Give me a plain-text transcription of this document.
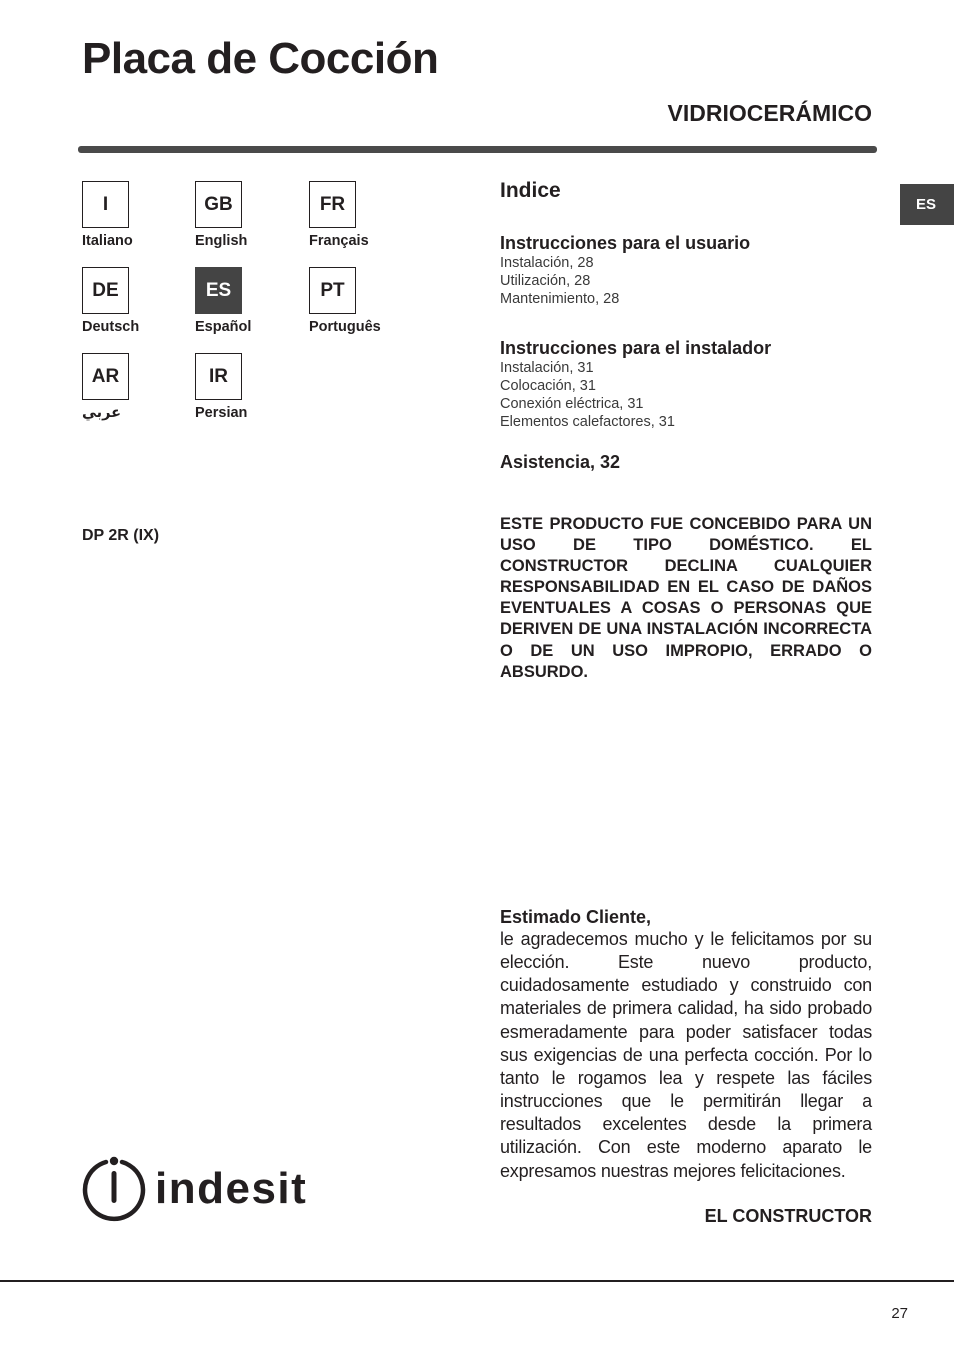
Placa de Cocción
VIDRIOCERÁMICO
ES
I
Italiano
GB
English
FR
Français
DE
Deutsch
ES
Español
PT
Português
AR
عربي
IR
Persian
DP 2R (IX)
Indice
Instrucciones para el usuario
Instalación, 28
Utilización, 28
Mantenimiento, 28
Instrucciones para el instalador
Instalación, 31
Colocación, 31
Conexión eléctrica, 31
Elementos calefactores, 31
Asistencia, 32
ESTE PRODUCTO FUE CONCEBIDO PARA UN USO DE TIPO DOMÉSTICO. EL CONSTRUCTOR DECLINA CUALQUIER RESPONSABILIDAD EN EL CASO DE DAÑOS EVENTUALES A COSAS O PERSONAS QUE DERIVEN DE UNA INSTALACIÓN INCORRECTA O DE UN USO IMPROPIO, ERRADO O ABSURDO.
Estimado Cliente,
le agradecemos mucho y le felicitamos por su elección. Este nuevo producto, cuidadosamente estudiado y construido con materiales de primera calidad, ha sido probado esmeradamente para poder satisfacer todas sus exigencias de una perfecta cocción. Por lo tanto le rogamos lea y respete las fáciles instrucciones que le permitirán llegar a resultados excelentes desde la primera utilización. Con este moderno aparato le expresamos nuestras mejores felicitaciones.
EL CONSTRUCTOR
indesit
27
